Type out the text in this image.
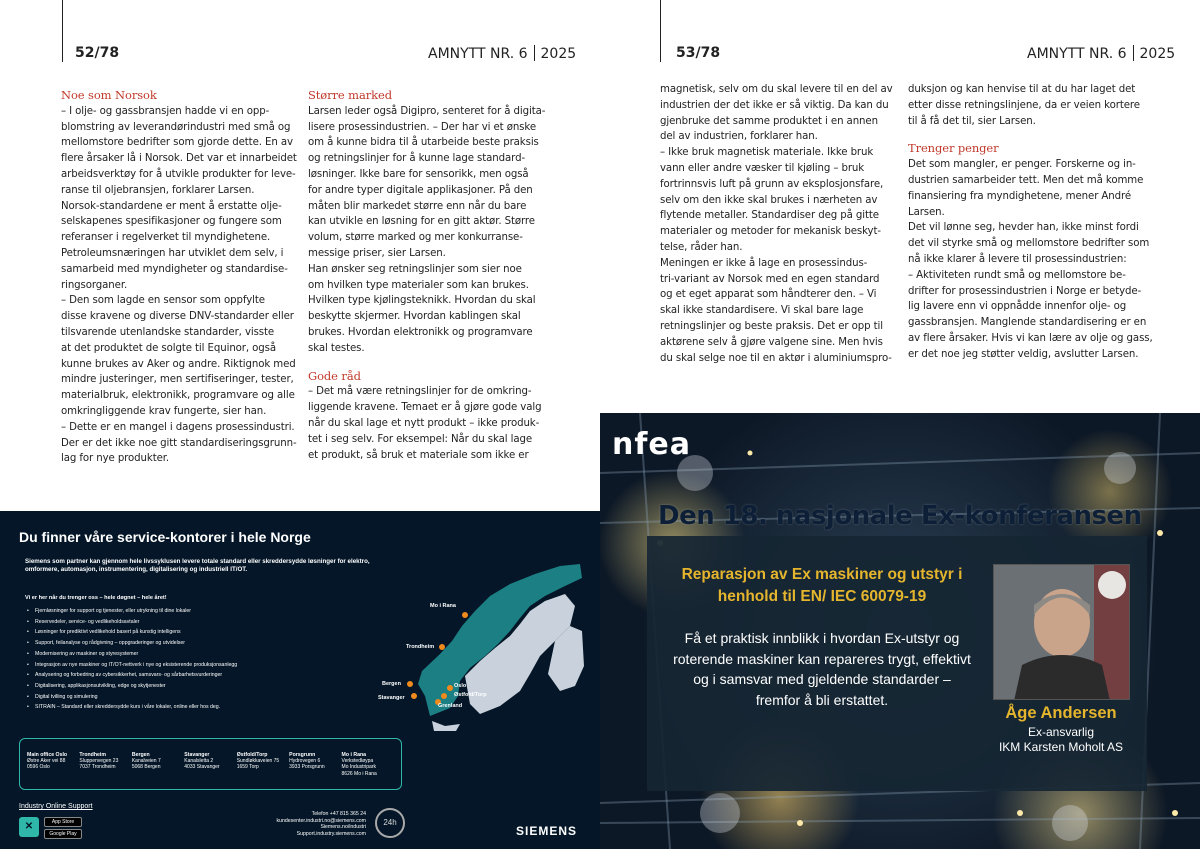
52/78	AMNYTT NR. 6 2025
Noe som Norsok

– I olje- og gassbransjen hadde vi en opp-

blomstring av leverandørindustri med små og

mellomstore bedrifter som gjorde dette. En av

flere årsaker lå i Norsok. Det var et innarbeidet

arbeidsverktøy for å utvikle produkter for leve-

ranse til oljebransjen, forklarer Larsen.

Norsok-standardene er ment å erstatte olje-

selskapenes spesifikasjoner og fungere som

referanser i regelverket til myndighetene.

Petroleumsnæringen har utviklet dem selv, i

samarbeid med myndigheter og standardise-

ringsorganer.

– Den som lagde en sensor som oppfylte

disse kravene og diverse DNV-standarder eller

tilsvarende utenlandske standarder, visste

at det produktet de solgte til Equinor, også

kunne brukes av Aker og andre. Riktignok med

mindre justeringer, men sertifiseringer, tester,

materialbruk, elektronikk, programvare og alle

omkringliggende krav fungerte, sier han.

– Dette er en mangel i dagens prosessindustri.

Der er det ikke noe gitt standardiseringsgrunn-

lag for nye produkter.

Større marked

Larsen leder også Digipro, senteret for å digita-

lisere prosessindustrien. – Der har vi et ønske

om å kunne bidra til å utarbeide beste praksis

og retningslinjer for å kunne lage standard-

løsninger. Ikke bare for sensorikk, men også

for andre typer digitale applikasjoner. På den

måten blir markedet større enn når du bare

kan utvikle en løsning for en gitt aktør. Større

volum, større marked og mer konkurranse-

messige priser, sier Larsen.

Han ønsker seg retningslinjer som sier noe

om hvilken type materialer som kan brukes.

Hvilken type kjølingsteknikk. Hvordan du skal

beskytte skjermer. Hvordan kablingen skal

brukes. Hvordan elektronikk og programvare

skal testes.

Gode råd

– Det må være retningslinjer for de omkring-

liggende kravene. Temaet er å gjøre gode valg

når du skal lage et nytt produkt – ikke produk-

tet i seg selv. For eksempel: Når du skal lage

et produkt, så bruk et materiale som ikke er

Du finner våre service-kontorer i hele Norge
Siemens som partner kan gjennom hele livssyklusen levere totale standard eller skreddersydde løsninger for elektro, omformere, automasjon, instrumentering, digitalisering og industriell IT/OT.
Vi er her når du trenger oss – hele døgnet – hele året!
• Fjernløsninger for support og tjenester, eller utrykning til dine lokaler
• Reservedeler, service- og vedlikeholdsavtaler
• Løsninger for prediktivt vedlikehold basert på kunstig intelligens
• Support, feilanalyse og rådgivning – oppgraderinger og utvidelser
• Modernisering av maskiner og styresystemer
• Integrasjon av nye maskiner og IT/OT-nettverk i nye og eksisterende produksjonsanlegg
• Analysering og forbedring av cybersikkerhet, samsvars- og sårbarhetsvurderinger
• Digitalisering, applikasjonsutvikling, edge og skytjenester
• Digital tvilling og simulering
• SITRAIN – Standard eller skreddersydde kurs i våre lokaler, online eller hos deg.
Mo i Rana
Trondheim
Bergen
Stavanger
Oslo
Østfold/Torp
Grenland
Main office Oslo
Østre Aker vei 88
0596 Oslo
Trondheim
Sluppenvegen 23
7037 Trondheim
Bergen
Kanalveien 7
5068 Bergen
Stavanger
Kanalsletta 2
4033 Stavanger
Østfold/Torp
Sundløkkaveien 75
1659 Torp
Porsgrunn
Hydrovegen 6
3933 Porsgrunn
Mo i Rana
Verkstedløypa
Mo Industripark
8626 Mo i Rana
Industry Online Support
✕	App Store
Google Play

Telefon +47 815 365 24

kundesenter.industri.no@siemens.com

Siemens.no/industri

Support.industry.siemens.com

24h
SIEMENS
53/78	AMNYTT NR. 6 2025

magnetisk, selv om du skal levere til en del av

industrien der det ikke er så viktig. Da kan du

gjenbruke det samme produktet i en annen

del av industrien, forklarer han.

– Ikke bruk magnetisk materiale. Ikke bruk

vann eller andre væsker til kjøling – bruk

fortrinnsvis luft på grunn av eksplosjonsfare,

selv om den ikke skal brukes i nærheten av

flytende metaller. Standardiser deg på gitte

materialer og metoder for mekanisk beskyt-

telse, råder han.

Meningen er ikke å lage en prosessindus-

tri-variant av Norsok med en egen standard

og et eget apparat som håndterer den. – Vi

skal ikke standardisere. Vi skal bare lage

retningslinjer og beste praksis. Det er opp til

aktørene selv å gjøre valgene sine. Men hvis

du skal selge noe til en aktør i aluminiumspro-

duksjon og kan henvise til at du har laget det

etter disse retningslinjene, da er veien kortere

til å få det til, sier Larsen.

Trenger penger

Det som mangler, er penger. Forskerne og in-

dustrien samarbeider tett. Men det må komme

finansiering fra myndighetene, mener André

Larsen.

Det vil lønne seg, hevder han, ikke minst fordi

det vil styrke små og mellomstore bedrifter som

nå ikke klarer å levere til prosessindustrien:

– Aktiviteten rundt små og mellomstore be-

drifter for prosessindustrien i Norge er betyde-

lig lavere enn vi oppnådde innenfor olje- og

gassbransjen. Manglende standardisering er en

av flere årsaker. Hvis vi kan lære av olje og gass,

er det noe jeg støtter veldig, avslutter Larsen.

nfea
Den 18. nasjonale Ex-konferansen
Reparasjon av Ex maskiner og utstyr i henhold til EN/ IEC 60079-19
Få et praktisk innblikk i hvordan Ex-utstyr og roterende maskiner kan repareres trygt, effektivt og i samsvar med gjeldende standarder – fremfor å bli erstattet.
Åge Andersen
Ex-ansvarlig
IKM Karsten Moholt AS
